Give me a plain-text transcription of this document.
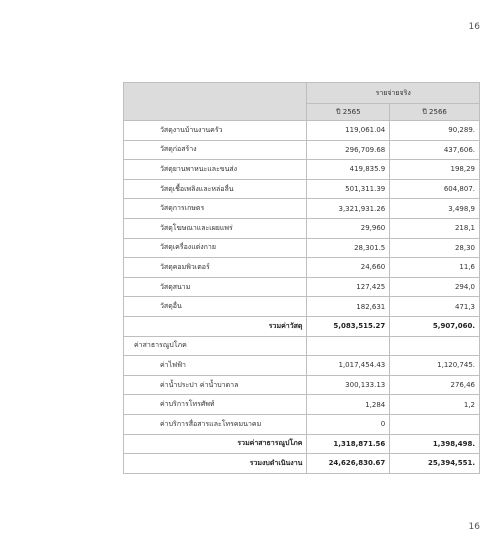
16
	รายจ่ายจริง	
	ปี 2565	ปี 2566
วัสดุงานบ้านงานครัว	119,061.04	90,289.
วัสดุก่อสร้าง	296,709.68	437,606.
วัสดุยานพาหนะและขนส่ง	419,835.9	198,29
วัสดุเชื้อเพลิงและหล่อลื่น	501,311.39	604,807.
วัสดุการเกษตร	3,321,931.26	3,498,9
วัสดุโฆษณาและเผยแพร่	29,960	218,1
วัสดุเครื่องแต่งกาย	28,301.5	28,30
วัสดุคอมพิวเตอร์	24,660	11,6
วัสดุสนาม	127,425	294,0
วัสดุอื่น	182,631	471,3
รวมค่าวัสดุ	5,083,515.27	5,907,060.
ค่าสาธารณูปโภค		
ค่าไฟฟ้า	1,017,454.43	1,120,745.
ค่าน้ำประปา ค่าน้ำบาดาล	300,133.13	276,46
ค่าบริการโทรศัพท์	1,284	1,2
ค่าบริการสื่อสารและโทรคมนาคม	0	
รวมค่าสาธารณูปโภค	1,318,871.56	1,398,498.
รวมงบดำเนินงาน	24,626,830.67	25,394,551.
16
